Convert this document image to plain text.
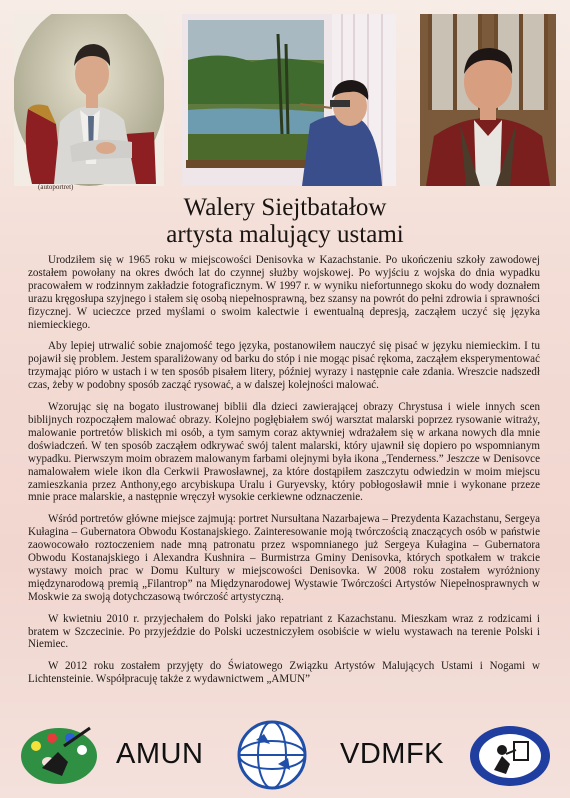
(autoportret)
Walery Siejtbatałow
artysta malujący ustami

Urodziłem się w 1965 roku w miejscowości Denisovka w Kazachstanie. Po ukończeniu szkoły zawodowej zostałem powołany na okres dwóch lat do czynnej służby wojskowej. Po wyjściu z wojska do dnia wypadku pracowałem w rodzinnym zakładzie fotograficznym. W 1997 r. w wyniku niefortunnego skoku do wody doznałem urazu kręgosłupa szyjnego i stałem się osobą niepełnosprawną, bez szansy na powrót do pełni zdrowia i sprawności fizycznej. W ucieczce przed myślami o swoim kalectwie i ewentualną depresją, zacząłem uczyć się języka niemieckiego.

Aby lepiej utrwalić sobie znajomość tego języka, postanowiłem nauczyć się pisać w języku niemieckim. I tu pojawił się problem. Jestem sparaliżowany od barku do stóp i nie mogąc pisać rękoma, zacząłem eksperymentować trzymając pióro w ustach i w ten sposób pisałem litery, później wyrazy i następnie całe zdania. Wreszcie nadszedł czas, żeby w podobny sposób zacząć rysować, a w dalszej kolejności malować.

Wzorując się na bogato ilustrowanej biblii dla dzieci zawierającej obrazy Chrystusa i wiele innych scen biblijnych rozpocząłem malować obrazy. Kolejno pogłębiałem swój warsztat malarski poprzez rysowanie witraży, malowanie portretów bliskich mi osób, a tym samym coraz aktywniej wdrażałem się w arkana nowych dla mnie doświadczeń. W ten sposób zacząłem odkrywać swój talent malarski, który ujawnił się dopiero po wspomnianym wypadku. Pierwszym moim obrazem malowanym farbami olejnymi była ikona „Tenderness.” Jeszcze w Denisovce namalowałem wiele ikon dla Cerkwii Prawosławnej, za które dostąpiłem zaszczytu odwiedzin w moim miejscu zamieszkania przez Anthony,ego arcybiskupa Uralu i Guryevsky, który pobłogosławił mnie i wykonane przeze mnie prace malarskie, a następnie wręczył wysokie cerkiewne odznaczenie.

Wśród portretów główne miejsce zajmują: portret Nursułtana Nazarbajewa – Prezydenta Kazachstanu, Sergeya Kułagina – Gubernatora Obwodu Kostanajskiego. Zainteresowanie moją twórczością znaczących osób w państwie zaowocowało roztoczeniem nade mną patronatu przez wspomnianego już Sergeya Kułagina – Gubernatora Obwodu Kostanajskiego i Alexandra Kushnira – Burmistrza Gminy Denisovka, których spotkałem w trakcie wystawy moich prac w Domu Kultury w miejscowości Denisovka. W 2008 roku zostałem wyróżniony międzynarodową premią „Filantrop” na Międzynarodowej Wystawie Twórczości Artystów Niepełnosprawnych w Moskwie za swoją dotychczasową twórczość artystyczną.

W kwietniu 2010 r. przyjechałem do Polski jako repatriant z Kazachstanu. Mieszkam wraz z rodzicami i bratem w Szczecinie. Po przyjeździe do Polski uczestniczyłem osobiście w wielu wystawach na terenie Polski i Niemiec.

W 2012 roku zostałem przyjęty do Światowego Związku Artystów Malujących Ustami i Nogami w Lichtensteinie. Współpracuję także z wydawnictwem „AMUN”

AMUN	VDMFK
